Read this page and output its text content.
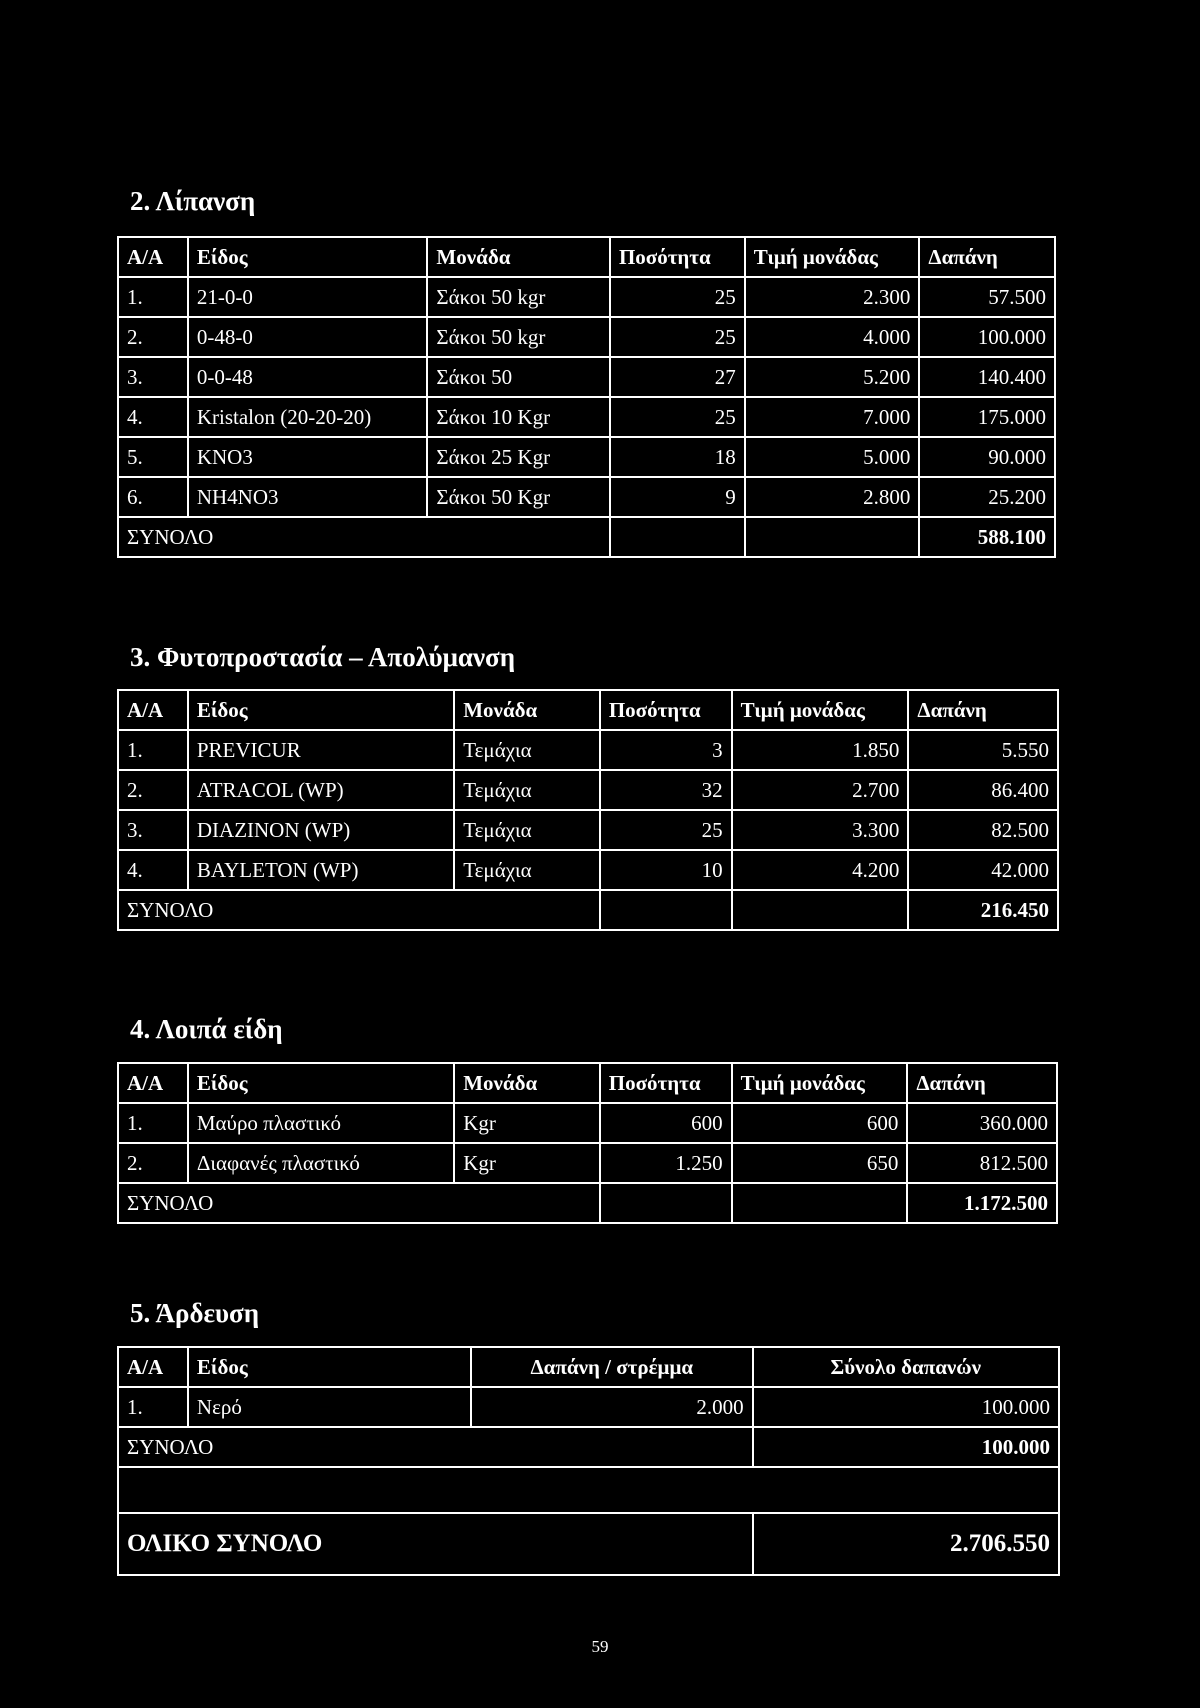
2. Λίπανση
Α/Α	Είδος	Μονάδα	Ποσότητα	Τιμή μονάδας	Δαπάνη
1.	21-0-0	Σάκοι 50 kgr	25	2.300	57.500
2.	0-48-0	Σάκοι 50 kgr	25	4.000	100.000
3.	0-0-48	Σάκοι 50	27	5.200	140.400
4.	Kristalon (20-20-20)	Σάκοι 10 Kgr	25	7.000	175.000
5.	KNO3	Σάκοι 25 Kgr	18	5.000	90.000
6.	NH4NO3	Σάκοι 50 Kgr	9	2.800	25.200
ΣΥΝΟΛΟ					588.100
3. Φυτοπροστασία – Απολύμανση
Α/Α	Είδος	Μονάδα	Ποσότητα	Τιμή μονάδας	Δαπάνη
1.	PREVICUR	Τεμάχια	3	1.850	5.550
2.	ATRACOL (WP)	Τεμάχια	32	2.700	86.400
3.	DIAZINON (WP)	Τεμάχια	25	3.300	82.500
4.	BAYLETON (WP)	Τεμάχια	10	4.200	42.000
ΣΥΝΟΛΟ					216.450
4. Λοιπά είδη
Α/Α	Είδος	Μονάδα	Ποσότητα	Τιμή μονάδας	Δαπάνη
1.	Μαύρο πλαστικό	Kgr	600	600	360.000
2.	Διαφανές πλαστικό	Kgr	1.250	650	812.500
ΣΥΝΟΛΟ					1.172.500
5. Άρδευση
Α/Α	Είδος	Δαπάνη / στρέμμα	Σύνολο δαπανών
1.	Νερό	2.000	100.000
ΣΥΝΟΛΟ			100.000

ΟΛΙΚΟ ΣΥΝΟΛΟ			2.706.550
59
